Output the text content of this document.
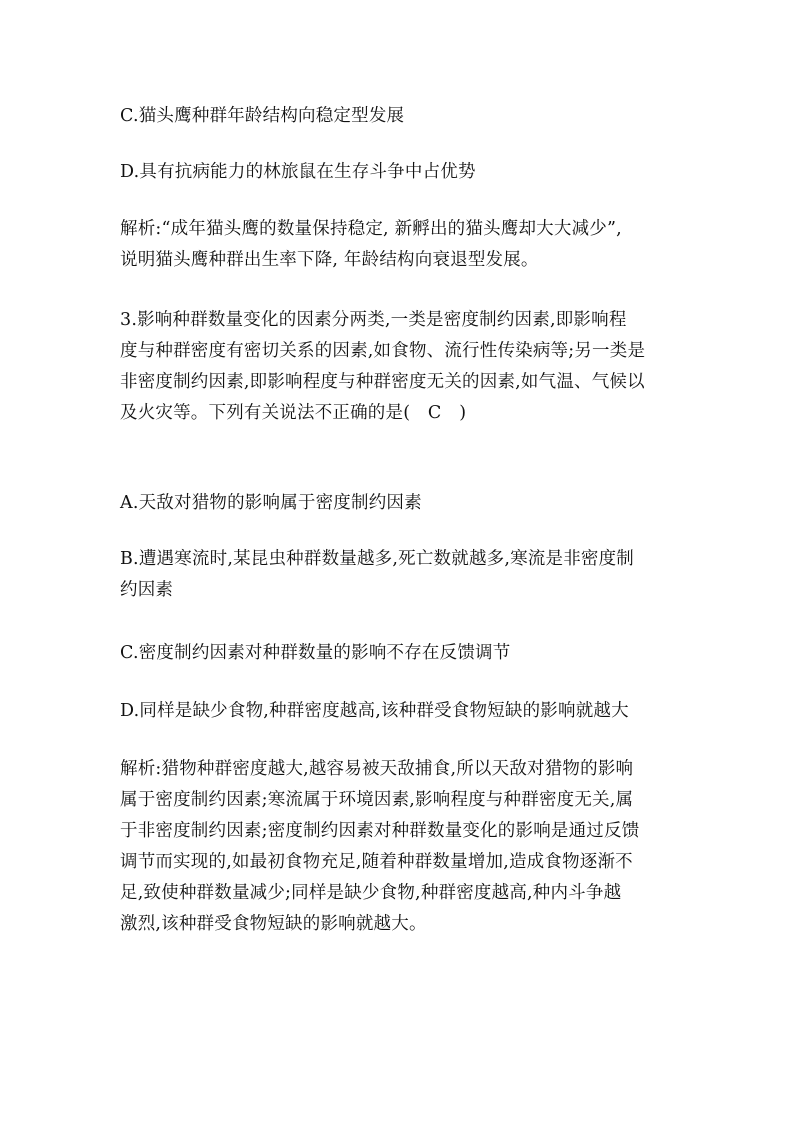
C.猫头鹰种群年龄结构向稳定型发展
D.具有抗病能力的林旅鼠在生存斗争中占优势
解析:“成年猫头鹰的数量保持稳定, 新孵出的猫头鹰却大大减少”,
说明猫头鹰种群出生率下降, 年龄结构向衰退型发展。
3.影响种群数量变化的因素分两类,一类是密度制约因素,即影响程
度与种群密度有密切关系的因素,如食物、流行性传染病等;另一类是
非密度制约因素,即影响程度与种群密度无关的因素,如气温、气候以
及火灾等。下列有关说法不正确的是(　C　)
A.天敌对猎物的影响属于密度制约因素
B.遭遇寒流时,某昆虫种群数量越多,死亡数就越多,寒流是非密度制
约因素
C.密度制约因素对种群数量的影响不存在反馈调节
D.同样是缺少食物,种群密度越高,该种群受食物短缺的影响就越大
解析:猎物种群密度越大,越容易被天敌捕食,所以天敌对猎物的影响
属于密度制约因素;寒流属于环境因素,影响程度与种群密度无关,属
于非密度制约因素;密度制约因素对种群数量变化的影响是通过反馈
调节而实现的,如最初食物充足,随着种群数量增加,造成食物逐渐不
足,致使种群数量减少;同样是缺少食物,种群密度越高,种内斗争越
激烈,该种群受食物短缺的影响就越大。
